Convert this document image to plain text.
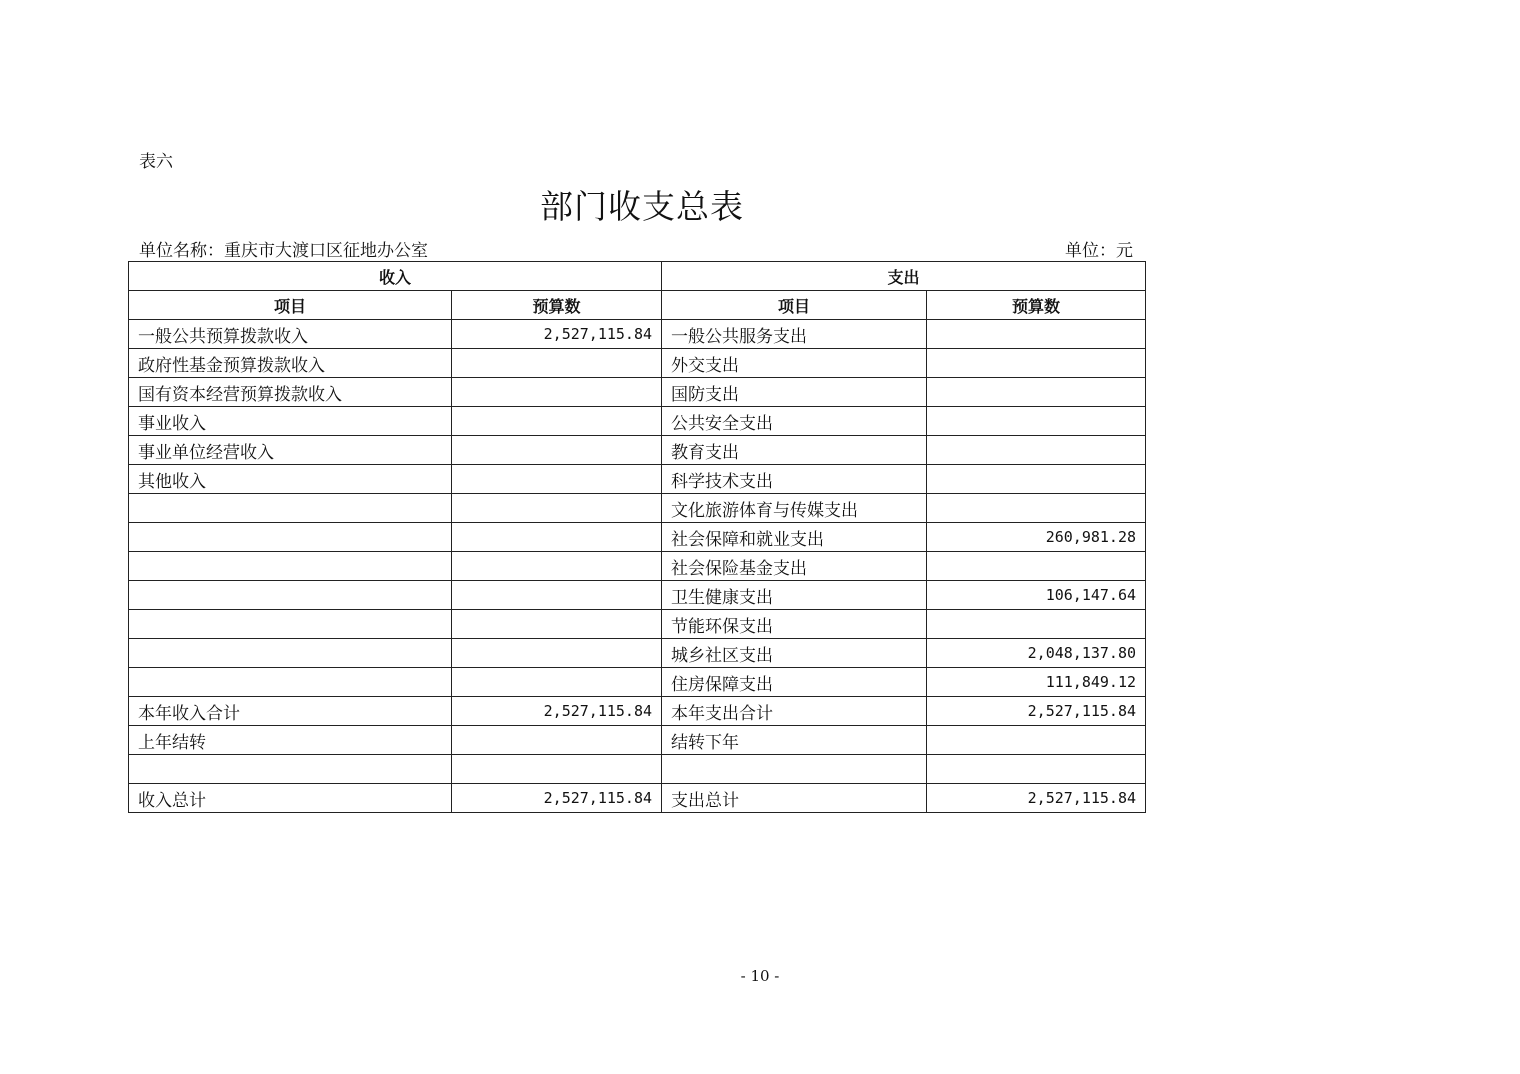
表六
部门收支总表
单位名称：重庆市大渡口区征地办公室	单位：元
收入		支出	
项目	预算数	项目	预算数
一般公共预算拨款收入	2,527,115.84	一般公共服务支出	
政府性基金预算拨款收入		外交支出	
国有资本经营预算拨款收入		国防支出	
事业收入		公共安全支出	
事业单位经营收入		教育支出	
其他收入		科学技术支出	
		文化旅游体育与传媒支出	
		社会保障和就业支出	260,981.28
		社会保险基金支出	
		卫生健康支出	106,147.64
		节能环保支出	
		城乡社区支出	2,048,137.80
		住房保障支出	111,849.12
本年收入合计	2,527,115.84	本年支出合计	2,527,115.84
上年结转		结转下年	

收入总计	2,527,115.84	支出总计	2,527,115.84
- 10 -
